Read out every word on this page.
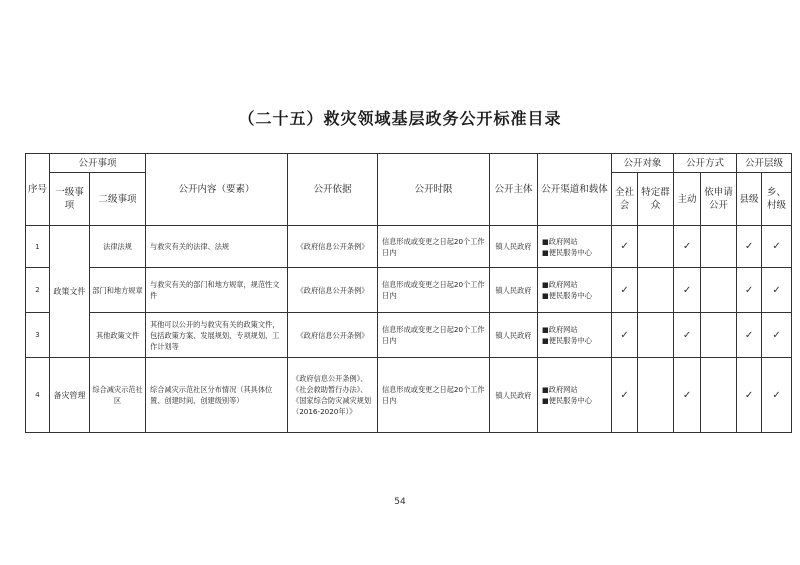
（二十五）救灾领域基层政务公开标准目录
序号	公开事项		公开内容（要素）	公开依据	公开时限	公开主体	公开渠道和载体	公开对象		公开方式		公开层级	
	一级事项	二级事项						全社会	特定群众	主动	依申请公开	县级	乡、村级
1	政策文件	法律法规	与救灾有关的法律、法规	《政府信息公开条例》	信息形成或变更之日起20个工作日内	镇人民政府	■政府网站
■便民服务中心	✓		✓		✓	✓
2		部门和地方规章	与救灾有关的部门和地方规章，规范性文件	《政府信息公开条例》	信息形成或变更之日起20个工作日内	镇人民政府	■政府网站
■便民服务中心	✓		✓		✓	✓
3		其他政策文件	其他可以公开的与救灾有关的政策文件，包括政策方案、发展规划、专项规划、工作计划等	《政府信息公开条例》	信息形成或变更之日起20个工作日内	镇人民政府	■政府网站
■便民服务中心	✓		✓		✓	✓
4	备灾管理	综合减灾示范社区	综合减灾示范社区分布情况（其具体位置、创建时间、创建级别等）	《政府信息公开条例》、《社会救助暂行办法》、《国家综合防灾减灾规划（2016-2020年）》	信息形成或变更之日起20个工作日内	镇人民政府	■政府网站
■便民服务中心	✓		✓		✓	✓
54
